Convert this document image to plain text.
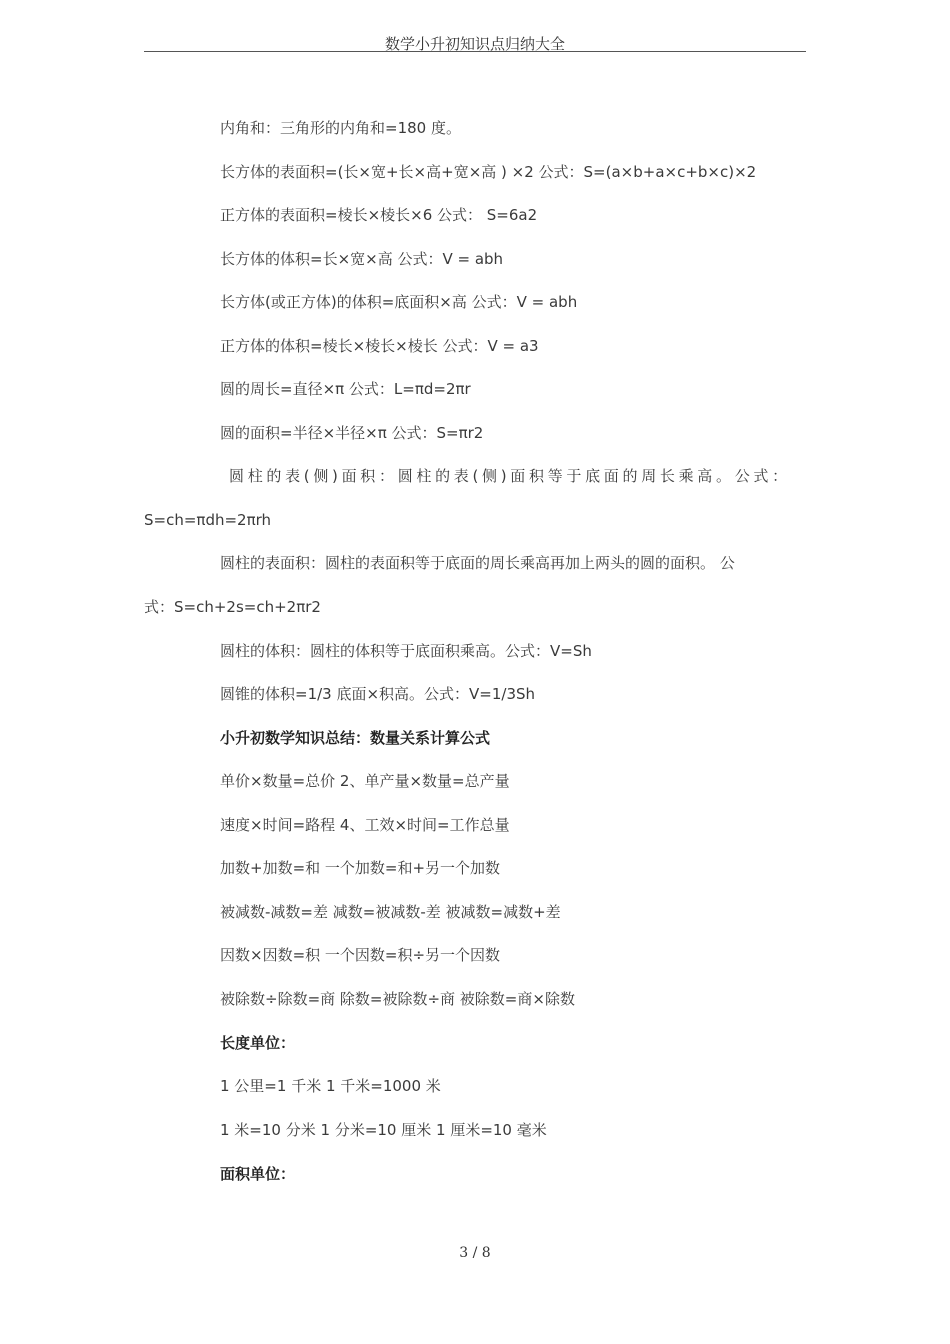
数学小升初知识点归纳大全
内角和：三角形的内角和=180 度。
长方体的表面积=(长×宽+长×高+宽×高 ) ×2 公式：S=(a×b+a×c+b×c)×2
正方体的表面积=棱长×棱长×6 公式： S=6a2
长方体的体积=长×宽×高 公式：V = abh
长方体(或正方体)的体积=底面积×高 公式：V = abh
正方体的体积=棱长×棱长×棱长 公式：V = a3
圆的周长=直径×π 公式：L=πd=2πr
圆的面积=半径×半径×π 公式：S=πr2
圆柱的表(侧)面积：圆柱的表(侧)面积等于底面的周长乘高。公式：
S=ch=πdh=2πrh
圆柱的表面积：圆柱的表面积等于底面的周长乘高再加上两头的圆的面积。 公
式：S=ch+2s=ch+2πr2
圆柱的体积：圆柱的体积等于底面积乘高。公式：V=Sh
圆锥的体积=1/3 底面×积高。公式：V=1/3Sh
小升初数学知识总结：数量关系计算公式
单价×数量=总价 2、单产量×数量=总产量
速度×时间=路程 4、工效×时间=工作总量
加数+加数=和 一个加数=和+另一个加数
被减数-减数=差 减数=被减数-差 被减数=减数+差
因数×因数=积 一个因数=积÷另一个因数
被除数÷除数=商 除数=被除数÷商 被除数=商×除数
长度单位：
1 公里=1 千米 1 千米=1000 米
1 米=10 分米 1 分米=10 厘米 1 厘米=10 毫米
面积单位：
3 / 8
